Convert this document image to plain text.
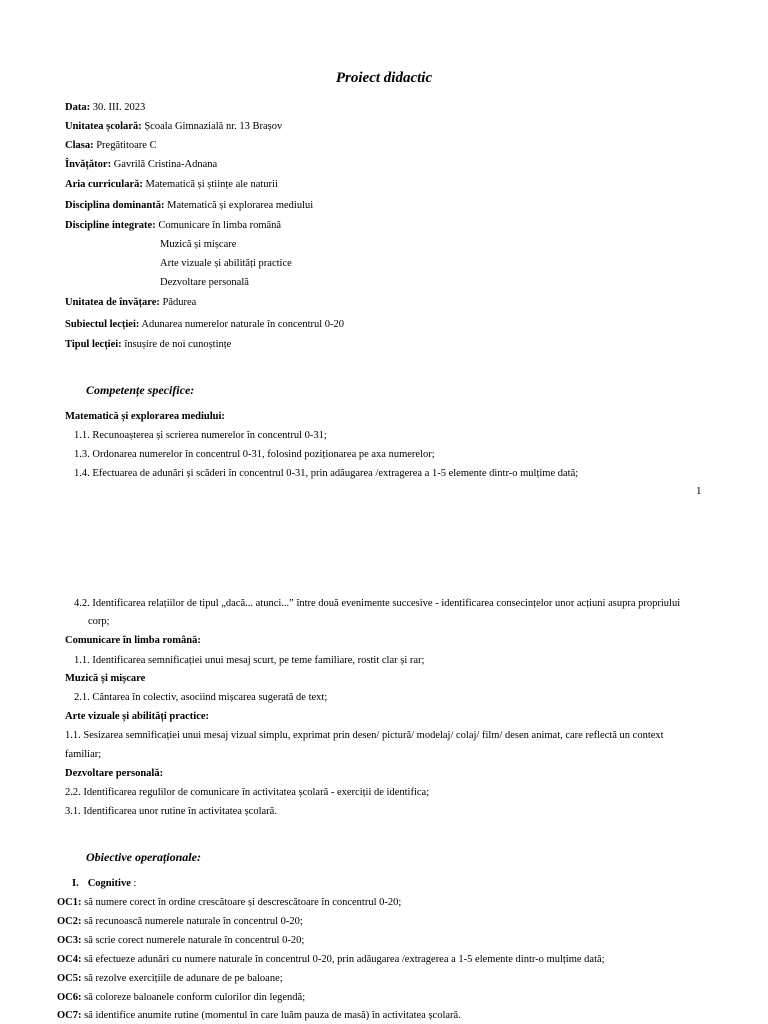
Proiect didactic
Data: 30. III. 2023
Unitatea școlară: Școala Gimnazială nr. 13 Brașov
Clasa: Pregătitoare C
Învățător: Gavrilă Cristina-Adnana
Aria curriculară: Matematică și științe ale naturii
Disciplina dominantă: Matematică și explorarea mediului
Discipline integrate: Comunicare în limba română
Muzică și mișcare
Arte vizuale și abilități practice
Dezvoltare personală
Unitatea de învățare: Pădurea
Subiectul lecției: Adunarea numerelor naturale în concentrul 0-20
Tipul lecției: însușire de noi cunoștințe
Competențe specifice:
Matematică și explorarea mediului:
1.1. Recunoașterea și scrierea numerelor în concentrul 0-31;
1.3. Ordonarea numerelor în concentrul 0-31, folosind poziționarea pe axa numerelor;
1.4. Efectuarea de adunări și scăderi în concentrul 0-31, prin adăugarea /extragerea a 1-5 elemente dintr-o mulțime dată;
1
4.2. Identificarea relațiilor de tipul „dacă... atunci...” între două evenimente succesive - identificarea consecințelor unor acțiuni asupra propriului
corp;
Comunicare în limba română:
1.1. Identificarea semnificației unui mesaj scurt, pe teme familiare, rostit clar și rar;
Muzică și mișcare
2.1. Cântarea în colectiv, asociind mișcarea sugerată de text;
Arte vizuale și abilități practice:
1.1. Sesizarea semnificației unui mesaj vizual simplu, exprimat prin desen/ pictură/ modelaj/ colaj/ film/ desen animat, care reflectă un context
familiar;
Dezvoltare personală:
2.2. Identificarea regulilor de comunicare în activitatea școlară - exerciții de identifica;
3.1. Identificarea unor rutine în activitatea școlară.
Obiective operaționale:
I. Cognitive :
OC1: să numere corect în ordine crescătoare și descrescătoare în concentrul 0-20;
OC2: să recunoască numerele naturale în concentrul 0-20;
OC3: să scrie corect numerele naturale în concentrul 0-20;
OC4: să efectueze adunări cu numere naturale în concentrul 0-20, prin adăugarea /extragerea a 1-5 elemente dintr-o mulțime dată;
OC5: să rezolve exercițiile de adunare de pe baloane;
OC6: să coloreze baloanele conform culorilor din legendă;
OC7: să identifice anumite rutine (momentul în care luăm pauza de masă) în activitatea școlară.
